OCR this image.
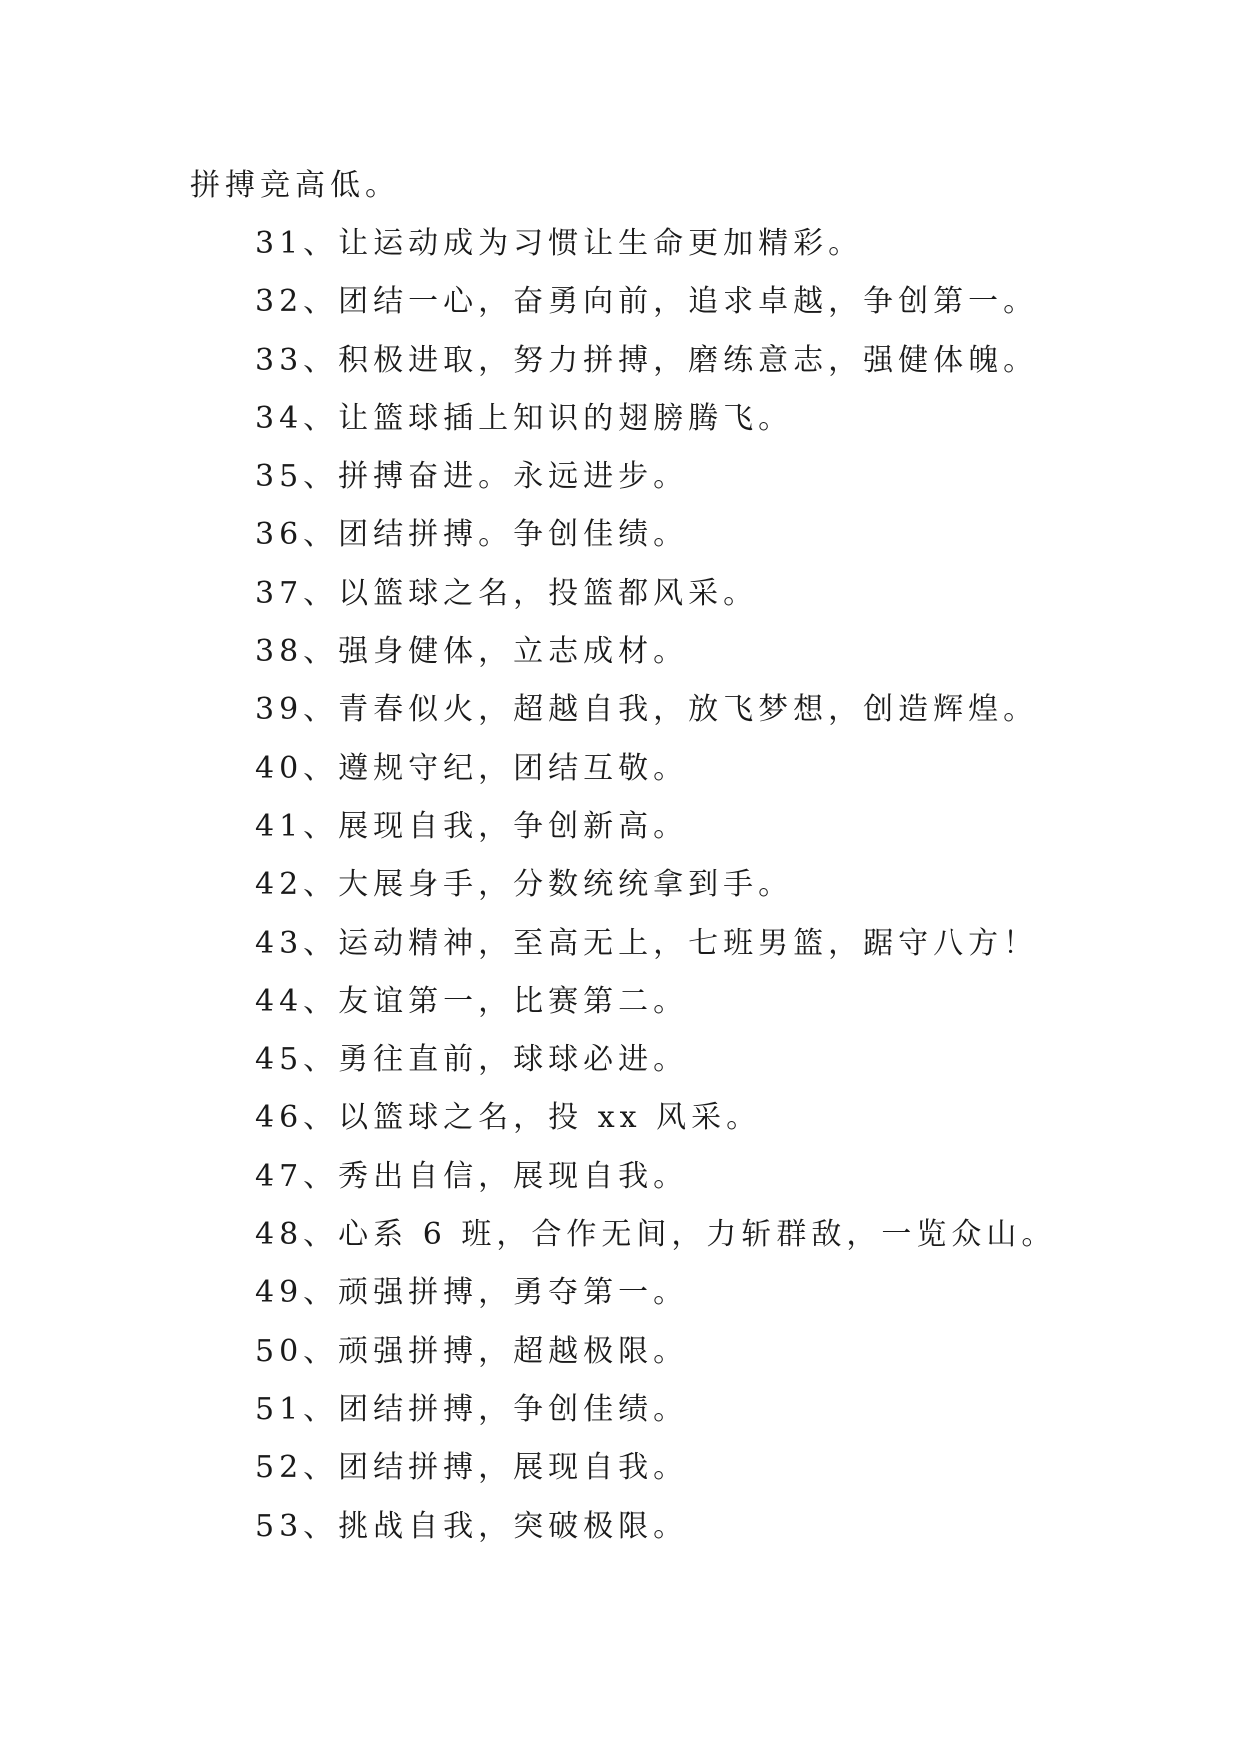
拼搏竞高低。
31、让运动成为习惯让生命更加精彩。
32、团结一心，奋勇向前，追求卓越，争创第一。
33、积极进取，努力拼搏，磨练意志，强健体魄。
34、让篮球插上知识的翅膀腾飞。
35、拼搏奋进。永远进步。
36、团结拼搏。争创佳绩。
37、以篮球之名，投篮都风采。
38、强身健体，立志成材。
39、青春似火，超越自我，放飞梦想，创造辉煌。
40、遵规守纪，团结互敬。
41、展现自我，争创新高。
42、大展身手，分数统统拿到手。
43、运动精神，至高无上，七班男篮，踞守八方！
44、友谊第一，比赛第二。
45、勇往直前，球球必进。
46、以篮球之名，投 xx 风采。
47、秀出自信，展现自我。
48、心系 6 班，合作无间，力斩群敌，一览众山。
49、顽强拼搏，勇夺第一。
50、顽强拼搏，超越极限。
51、团结拼搏，争创佳绩。
52、团结拼搏，展现自我。
53、挑战自我，突破极限。
